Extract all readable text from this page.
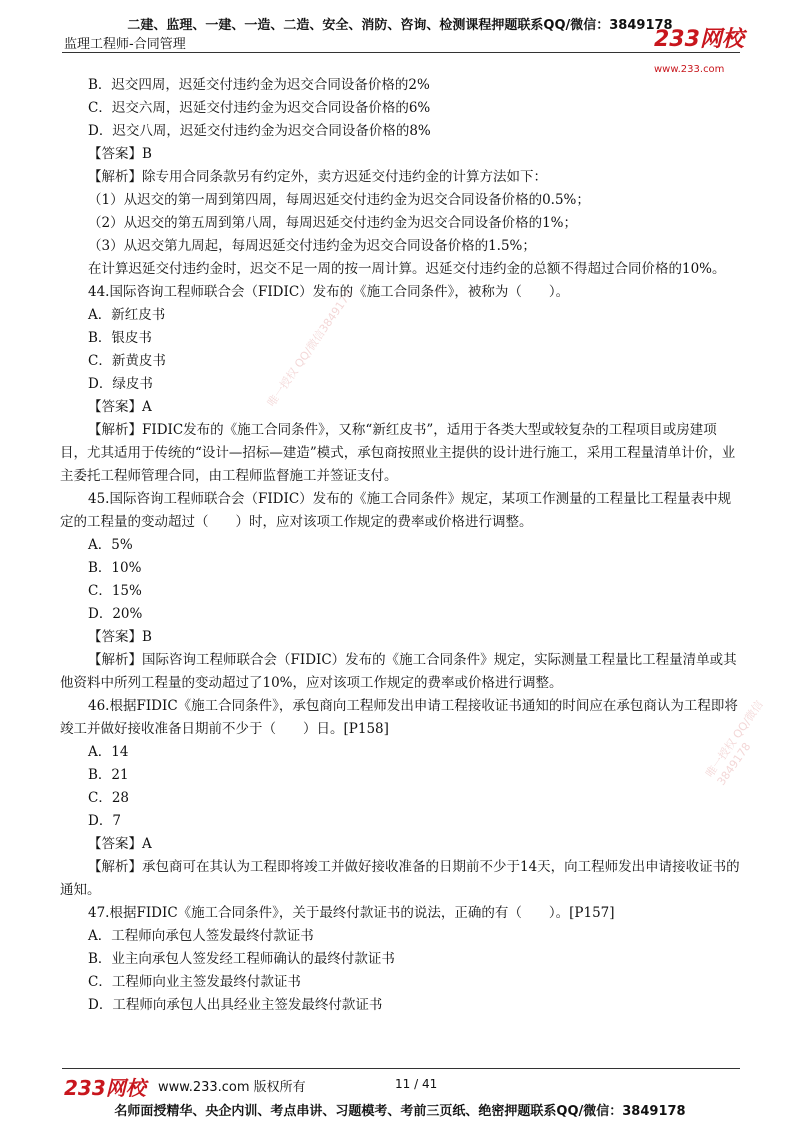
二建、监理、一建、一造、二造、安全、消防、咨询、检测课程押题联系QQ/微信：3849178
监理工程师-合同管理	233网校
www.233.com
唯一授权 QQ/微信3849178
唯一授权 QQ/微信3849178

B．迟交四周，迟延交付违约金为迟交合同设备价格的2%

C．迟交六周，迟延交付违约金为迟交合同设备价格的6%

D．迟交八周，迟延交付违约金为迟交合同设备价格的8%

【答案】B

【解析】除专用合同条款另有约定外，卖方迟延交付违约金的计算方法如下：

（1）从迟交的第一周到第四周，每周迟延交付违约金为迟交合同设备价格的0.5%；

（2）从迟交的第五周到第八周，每周迟延交付违约金为迟交合同设备价格的1%；

（3）从迟交第九周起，每周迟延交付违约金为迟交合同设备价格的1.5%；

在计算迟延交付违约金时，迟交不足一周的按一周计算。迟延交付违约金的总额不得超过合同价格的10%。

44.国际咨询工程师联合会（FIDIC）发布的《施工合同条件》，被称为（　　）。

A．新红皮书

B．银皮书

C．新黄皮书

D．绿皮书

【答案】A

【解析】FIDIC发布的《施工合同条件》，又称“新红皮书”，适用于各类大型或较复杂的工程项目或房建项目，尤其适用于传统的“设计—招标—建造”模式，承包商按照业主提供的设计进行施工，采用工程量清单计价，业主委托工程师管理合同，由工程师监督施工并签证支付。

45.国际咨询工程师联合会（FIDIC）发布的《施工合同条件》规定，某项工作测量的工程量比工程量表中规定的工程量的变动超过（　　）时，应对该项工作规定的费率或价格进行调整。

A．5%

B．10%

C．15%

D．20%

【答案】B

【解析】国际咨询工程师联合会（FIDIC）发布的《施工合同条件》规定，实际测量工程量比工程量清单或其他资料中所列工程量的变动超过了10%，应对该项工作规定的费率或价格进行调整。

46.根据FIDIC《施工合同条件》，承包商向工程师发出申请工程接收证书通知的时间应在承包商认为工程即将竣工并做好接收准备日期前不少于（　　）日。[P158]

A．14

B．21

C．28

D．7

【答案】A

【解析】承包商可在其认为工程即将竣工并做好接收准备的日期前不少于14天，向工程师发出申请接收证书的通知。

47.根据FIDIC《施工合同条件》，关于最终付款证书的说法，正确的有（　　）。[P157]

A．工程师向承包人签发最终付款证书

B．业主向承包人签发经工程师确认的最终付款证书

C．工程师向业主签发最终付款证书

D．工程师向承包人出具经业主签发最终付款证书

233网校 www.233.com 版权所有	11 / 41
名师面授精华、央企内训、考点串讲、习题模考、考前三页纸、绝密押题联系QQ/微信：3849178
